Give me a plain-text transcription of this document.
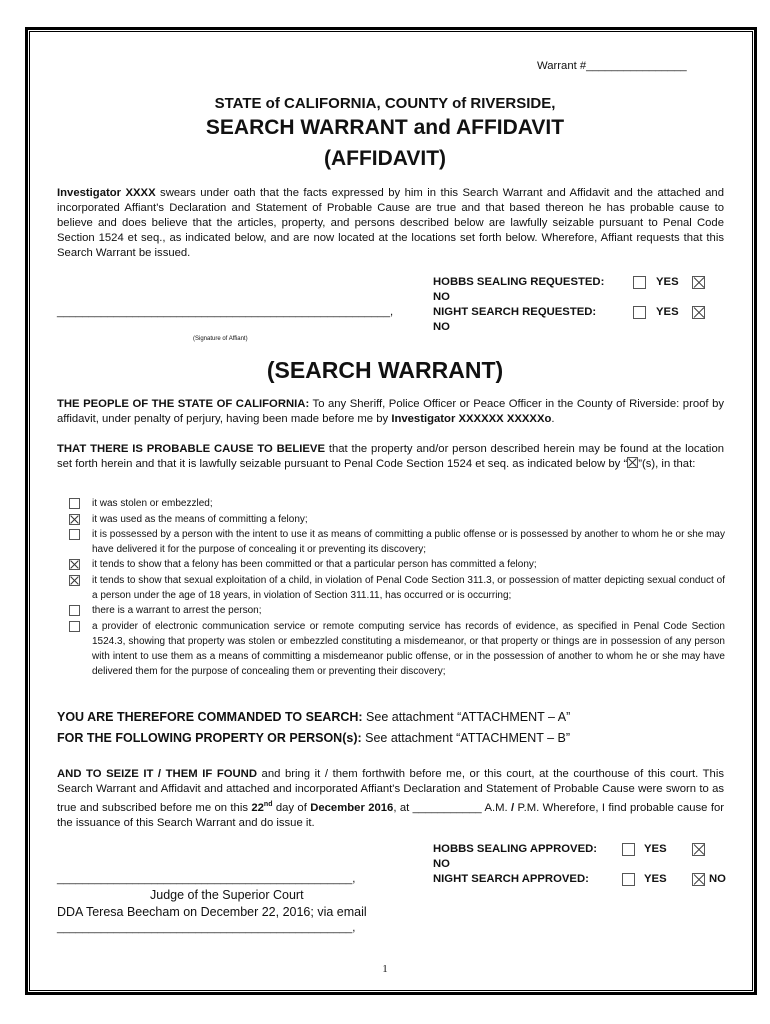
Warrant #________________
STATE of CALIFORNIA, COUNTY of RIVERSIDE,
SEARCH WARRANT and AFFIDAVIT
(AFFIDAVIT)
Investigator XXXX swears under oath that the facts expressed by him in this Search Warrant and Affidavit and the attached and incorporated Affiant's Declaration and Statement of Probable Cause are true and that based thereon he has probable cause to believe and does believe that the articles, property, and persons described below are lawfully seizable pursuant to Penal Code Section 1524 et seq., as indicated below, and are now located at the locations set forth below. Wherefore, Affiant requests that this Search Warrant be issued.
HOBBS SEALING REQUESTED:	YES
NO
_____________________________________________________,	NIGHT SEARCH REQUESTED:	YES
NO
(Signature of Affiant)
(SEARCH WARRANT)
THE PEOPLE OF THE STATE OF CALIFORNIA: To any Sheriff, Police Officer or Peace Officer in the County of Riverside: proof by affidavit, under penalty of perjury, having been made before me by Investigator XXXXXX XXXXXo.
THAT THERE IS PROBABLE CAUSE TO BELIEVE that the property and/or person described herein may be found at the location set forth herein and that it is lawfully seizable pursuant to Penal Code Section 1524 et seq. as indicated below by “ ”(s), in that:
it was stolen or embezzled;
it was used as the means of committing a felony;
it is possessed by a person with the intent to use it as means of committing a public offense or is possessed by another to whom he or she may have delivered it for the purpose of concealing it or preventing its discovery;
it tends to show that a felony has been committed or that a particular person has committed a felony;
it tends to show that sexual exploitation of a child, in violation of Penal Code Section 311.3, or possession of matter depicting sexual conduct of a person under the age of 18 years, in violation of Section 311.11, has occurred or is occurring;
there is a warrant to arrest the person;
a provider of electronic communication service or remote computing service has records of evidence, as specified in Penal Code Section 1524.3, showing that property was stolen or embezzled constituting a misdemeanor, or that property or things are in possession of any person with intent to use them as a means of committing a misdemeanor public offense, or in the possession of another to whom he or she may have delivered them for the purpose of concealing them or preventing their discovery;
YOU ARE THEREFORE COMMANDED TO SEARCH: See attachment “ATTACHMENT – A”
FOR THE FOLLOWING PROPERTY OR PERSON(s): See attachment “ATTACHMENT – B”
AND TO SEIZE IT / THEM IF FOUND and bring it / them forthwith before me, or this court, at the courthouse of this court. This Search Warrant and Affidavit and attached and incorporated Affiant's Declaration and Statement of Probable Cause were sworn to as true and subscribed before me on this 22nd day of December 2016, at ___________ A.M. / P.M. Wherefore, I find probable cause for the issuance of this Search Warrant and do issue it.
HOBBS SEALING APPROVED:	YES
NO
_______________________________________________,	NIGHT SEARCH APPROVED:	YES	NO
Judge of the Superior Court
DDA Teresa Beecham on December 22, 2016; via email
_______________________________________________,
1
